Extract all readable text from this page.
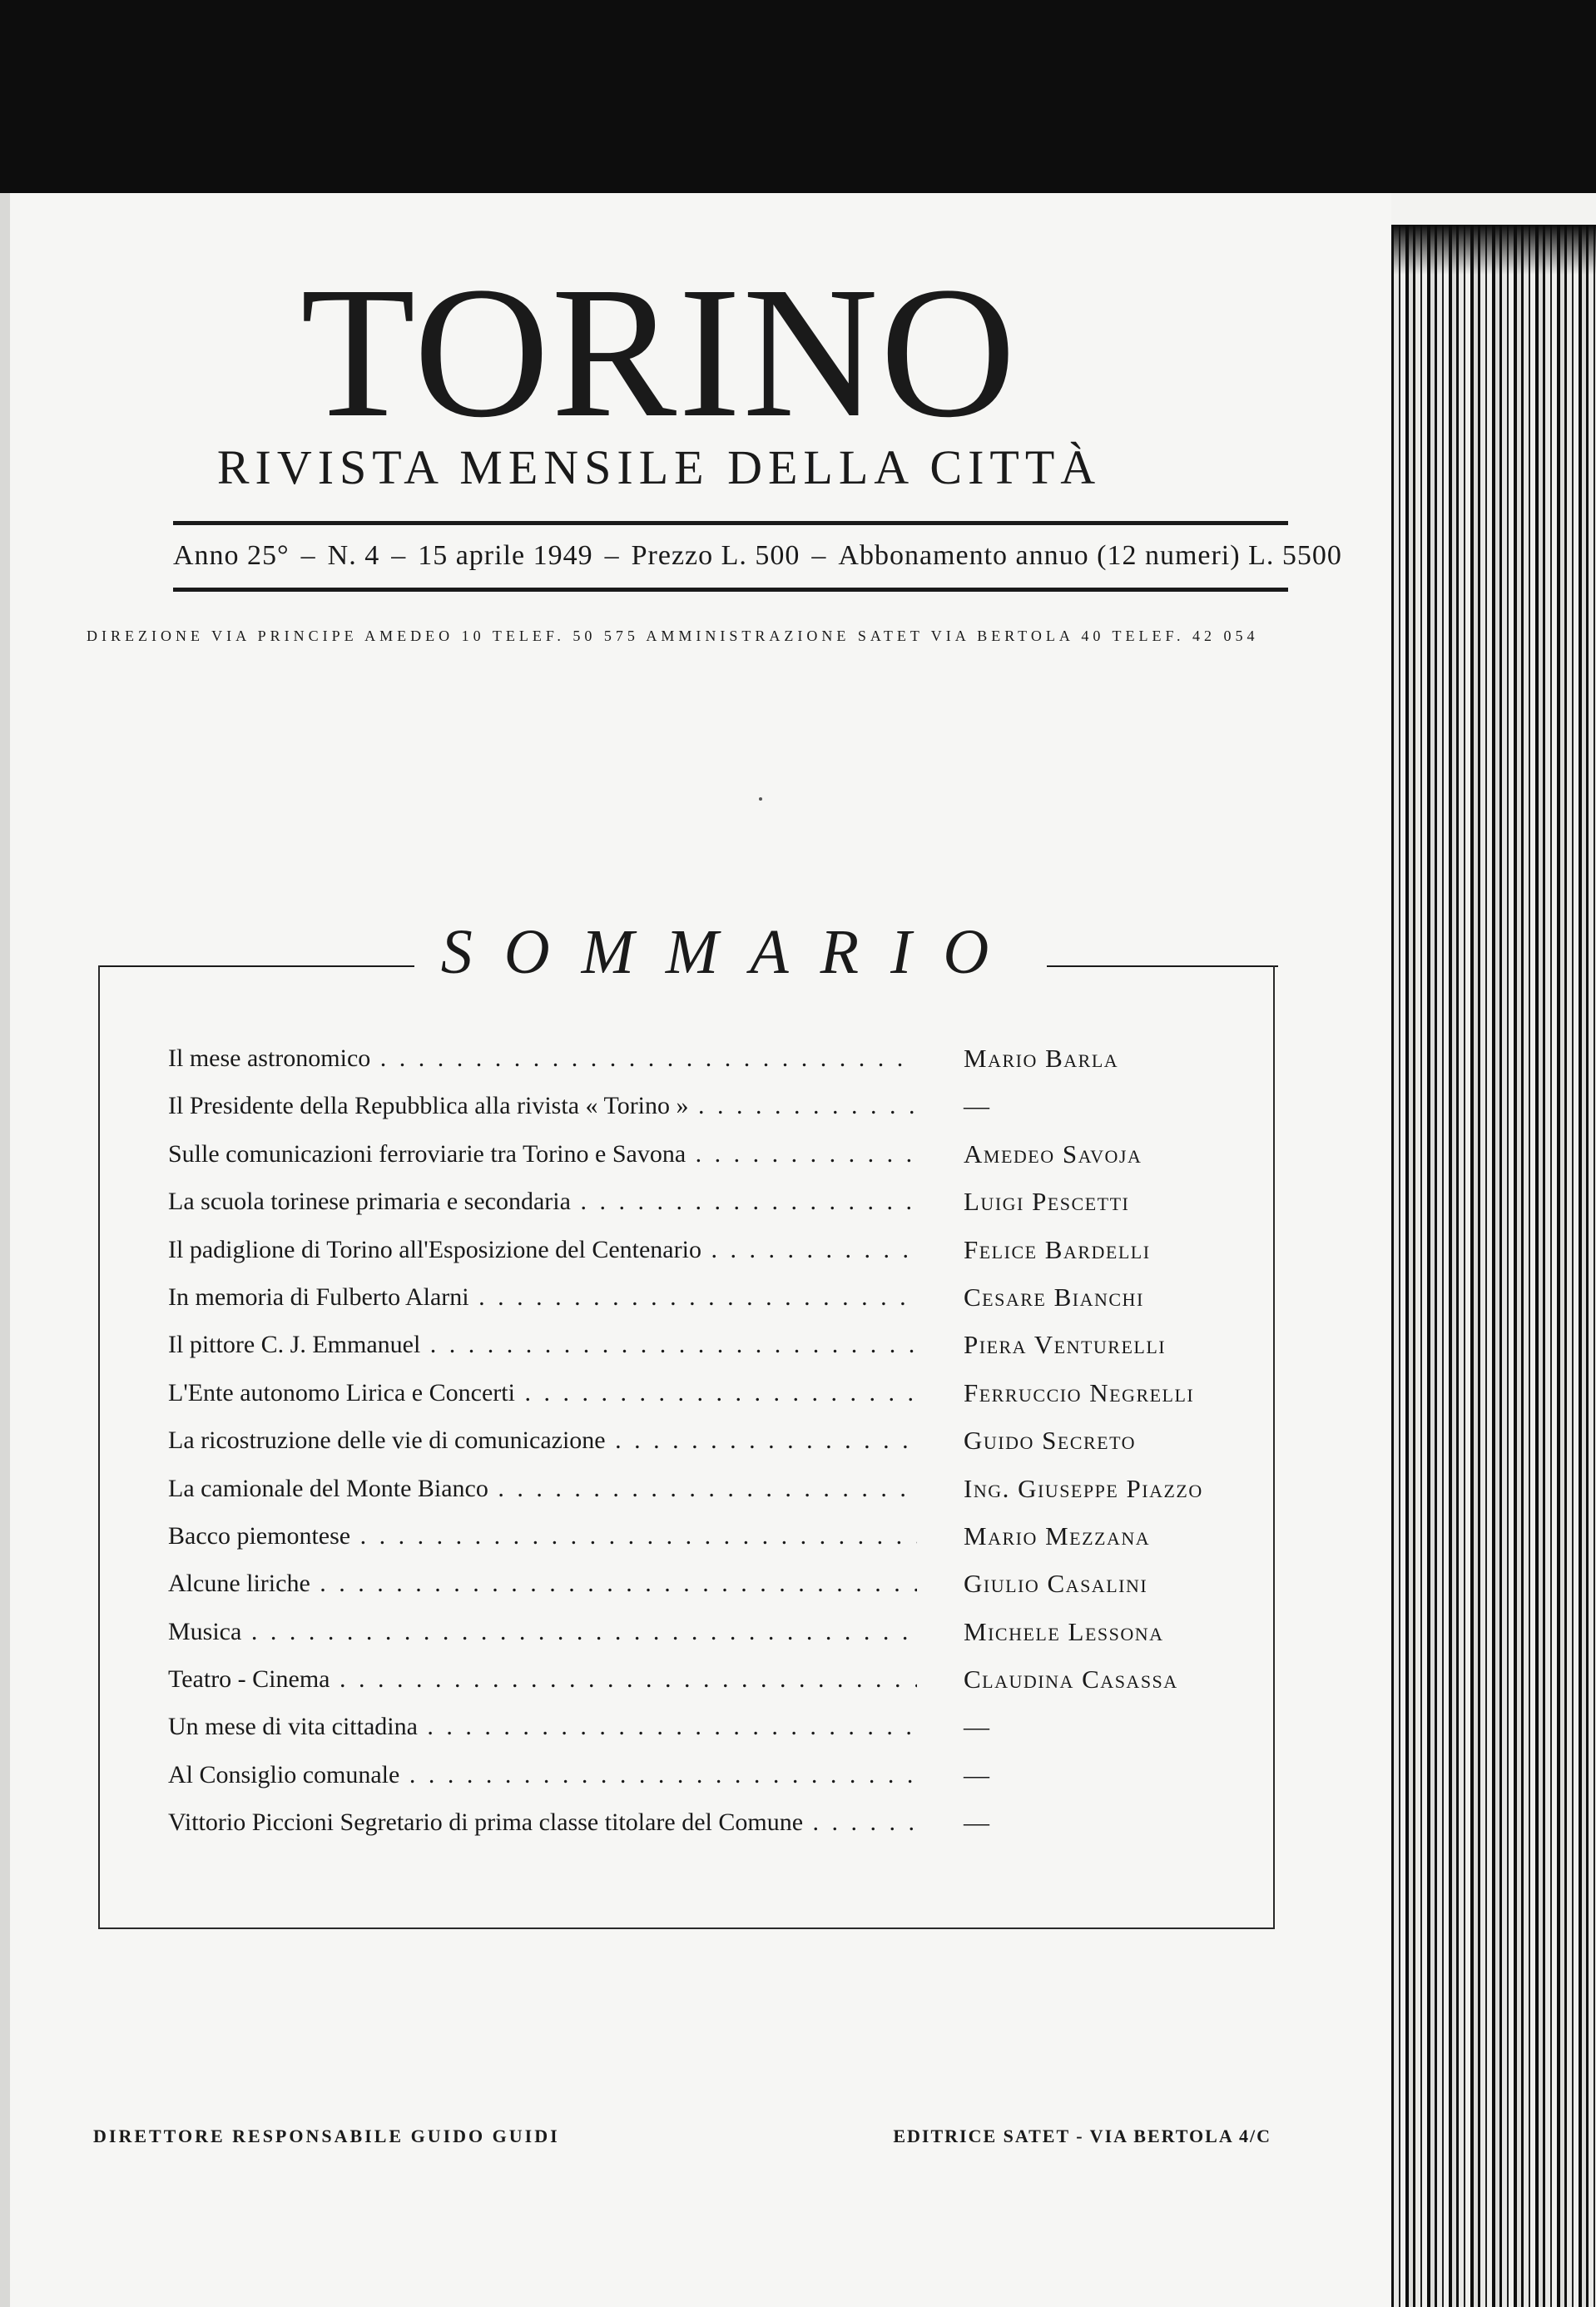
TORINO
RIVISTA MENSILE DELLA CITTÀ
Anno 25° – N. 4 – 15 aprile 1949 – Prezzo L. 500 – Abbonamento annuo (12 numeri) L. 5500
DIREZIONE VIA PRINCIPE AMEDEO 10 TELEF. 50 575 AMMINISTRAZIONE SATET VIA BERTOLA 40 TELEF. 42 054
SOMMARIO
Il mese astronomico . . .	Mario Barla
Il Presidente della Repubblica alla rivista « Torino » . . .	—
Sulle comunicazioni ferroviarie tra Torino e Savona . . .	Amedeo Savoja
La scuola torinese primaria e secondaria . . .	Luigi Pescetti
Il padiglione di Torino all'Esposizione del Centenario . . .	Felice Bardelli
In memoria di Fulberto Alarni . . .	Cesare Bianchi
Il pittore C. J. Emmanuel . . .	Piera Venturelli
L'Ente autonomo Lirica e Concerti . . .	Ferruccio Negrelli
La ricostruzione delle vie di comunicazione . . .	Guido Secreto
La camionale del Monte Bianco . . .	Ing. Giuseppe Piazzo
Bacco piemontese . . .	Mario Mezzana
Alcune liriche . . .	Giulio Casalini
Musica . . .	Michele Lessona
Teatro - Cinema . . .	Claudina Casassa
Un mese di vita cittadina . . .	—
Al Consiglio comunale . . .	—
Vittorio Piccioni Segretario di prima classe titolare del Comune . . .	—
DIRETTORE RESPONSABILE GUIDO GUIDI	EDITRICE SATET - VIA BERTOLA 4/C
